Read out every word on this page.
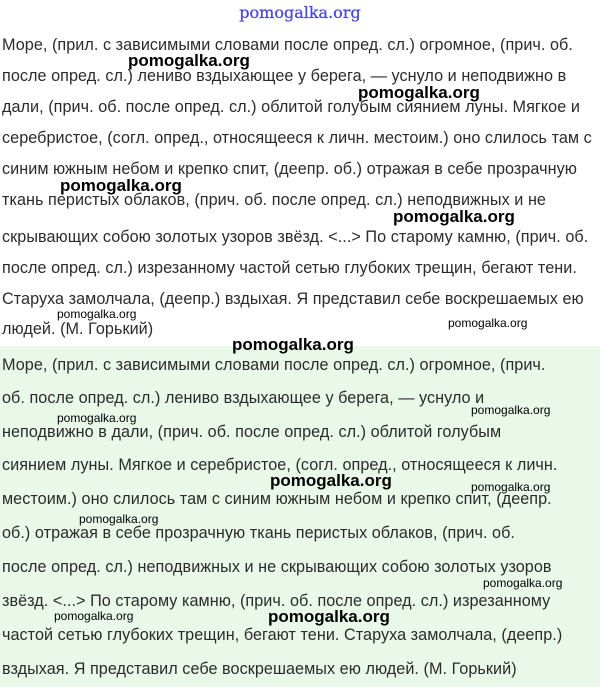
pomogalka.org
Море, (прил. с зависимыми словами после опред. сл.) огромное, (прич. об.
после опред. сл.) лениво вздыхающее у берега, — уснуло и неподвижно в
дали, (прич. об. после опред. сл.) облитой голубым сиянием луны. Мягкое и
серебристое, (согл. опред., относящееся к личн. местоим.) оно слилось там с
синим южным небом и крепко спит, (деепр. об.) отражая в себе прозрачную
ткань перистых облаков, (прич. об. после опред. сл.) неподвижных и не
скрывающих собою золотых узоров звёзд. <...> По старому камню, (прич. об.
после опред. сл.) изрезанному частой сетью глубоких трещин, бегают тени.
Старуха замолчала, (деепр.) вздыхая. Я представил себе воскрешаемых ею
людей. (М. Горький)
Море, (прил. с зависимыми словами после опред. сл.) огромное, (прич.
об. после опред. сл.) лениво вздыхающее у берега, — уснуло и
неподвижно в дали, (прич. об. после опред. сл.) облитой голубым
сиянием луны. Мягкое и серебристое, (согл. опред., относящееся к личн.
местоим.) оно слилось там с синим южным небом и крепко спит, (деепр.
об.) отражая в себе прозрачную ткань перистых облаков, (прич. об.
после опред. сл.) неподвижных и не скрывающих собою золотых узоров
звёзд. <...> По старому камню, (прич. об. после опред. сл.) изрезанному
частой сетью глубоких трещин, бегают тени. Старуха замолчала, (деепр.)
вздыхая. Я представил себе воскрешаемых ею людей. (М. Горький)
pomogalka.org
pomogalka.org
pomogalka.org
pomogalka.org
pomogalka.org
pomogalka.org
pomogalka.org
pomogalka.org
pomogalka.org
pomogalka.org	pomogalka.org
pomogalka.org
pomogalka.org
pomogalka.org	pomogalka.org
